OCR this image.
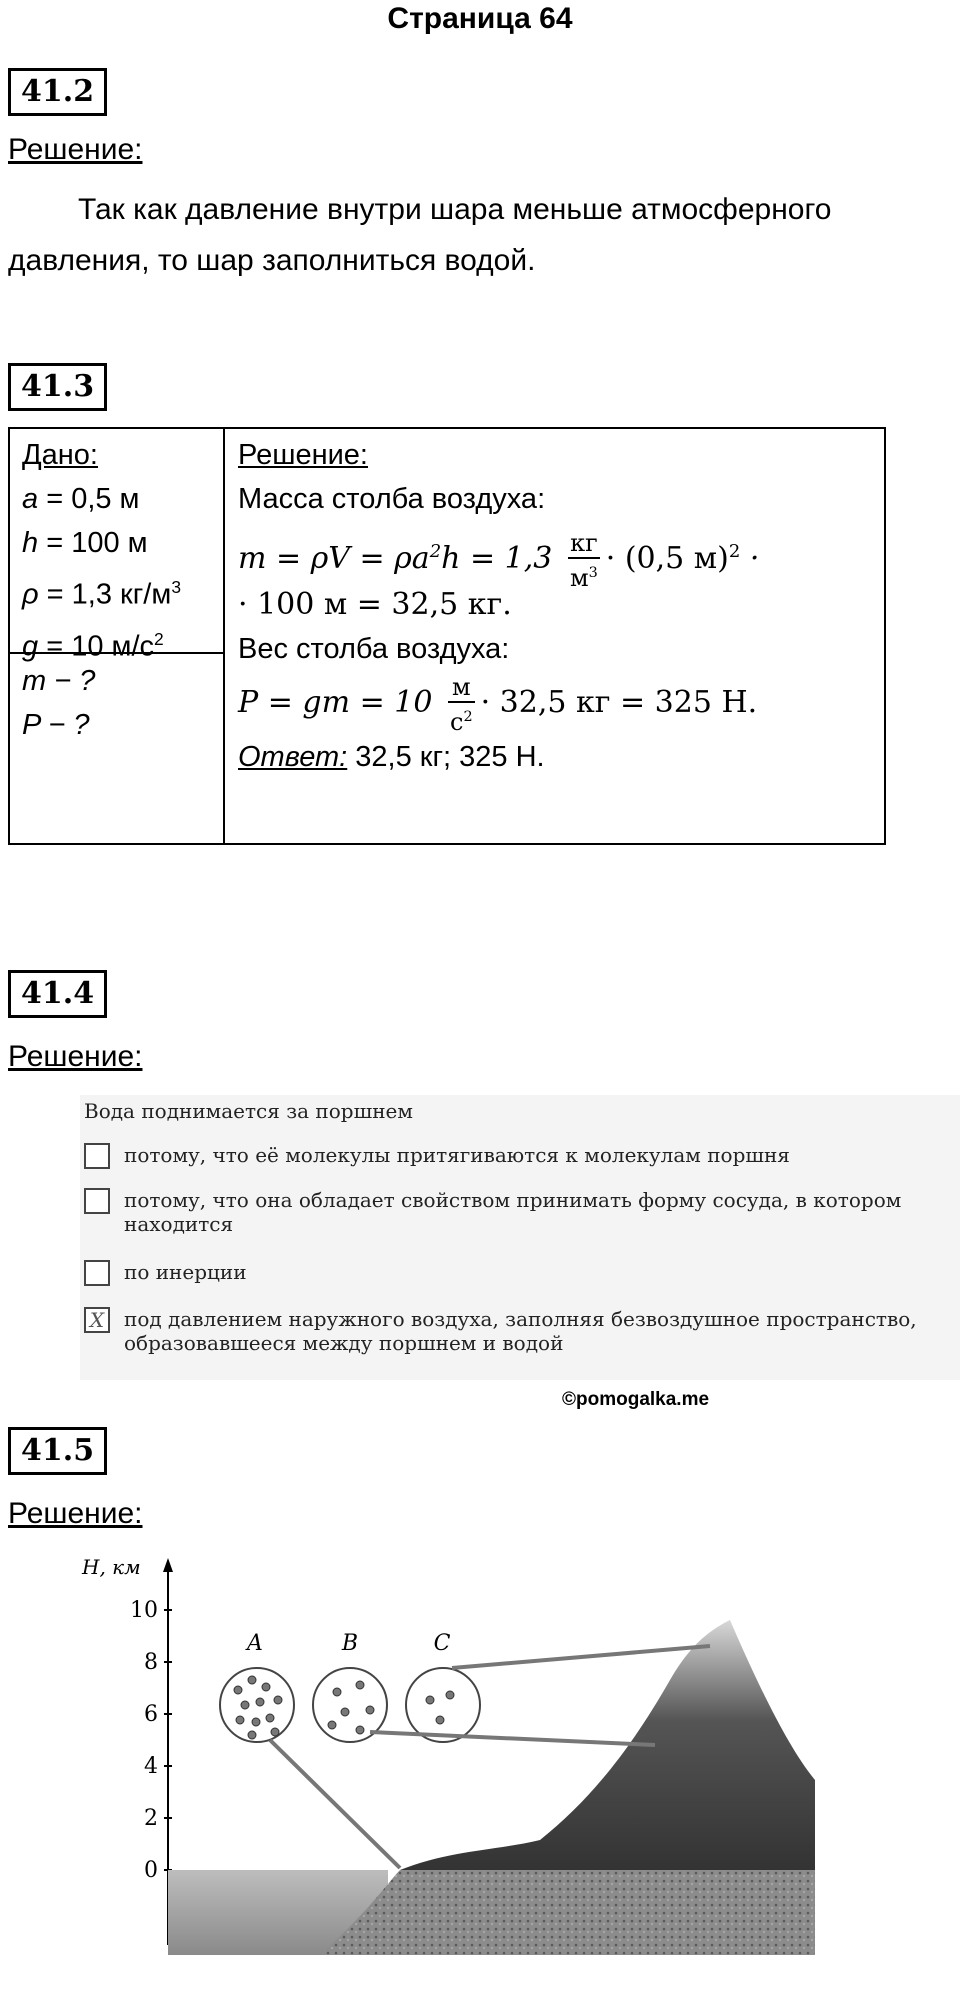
Страница 64
41.2
Решение:
Так как давление внутри шара меньше атмосферного
давления, то шар заполниться водой.
41.3
Дано:
a = 0,5 м
h = 100 м
ρ = 1,3 $кг/м^3$
g = 10 $м/с^2$
m − ?
P − ?
Решение:
Масса столба воздуха:
$m = \rho V = \rho a^2h = 1,3 \frac{кг}{м^3} \cdot (0,5$ м)$^2$ ·
· 100 м = 32,5 кг.
Вес столба воздуха:
P = gm = $10 \frac{м}{с^2} \cdot 32,5$ кг = 325 Н.
Ответ: 32,5 кг; 325 Н.
41.4
Решение:
Вода поднимается за поршнем
потому, что её молекулы притягиваются к молекулам поршня
потому, что она обладает свойством принимать форму сосуда, в котором находится
по инерции
X под давлением наружного воздуха, заполняя безвоздушное пространство, образовавшееся между поршнем и водой
©pomogalka.me
41.5
Решение:
H, км
10
8
6
4
2
0
A	B	C
